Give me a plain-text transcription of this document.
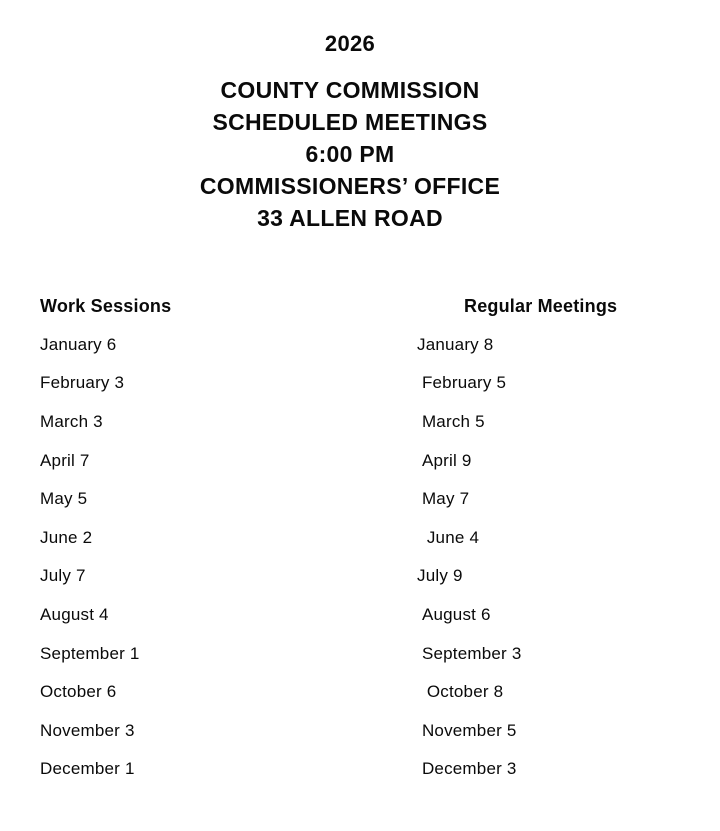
2026
COUNTY COMMISSION
SCHEDULED MEETINGS
6:00 PM
COMMISSIONERS’ OFFICE
33 ALLEN ROAD
Work Sessions	Regular Meetings
January 6	January 8
February 3	February 5
March 3	March 5
April 7	April 9
May 5	May 7
June 2	June 4
July 7	July 9
August 4	August 6
September 1	September 3
October 6	October 8
November 3	November 5
December 1	December 3
